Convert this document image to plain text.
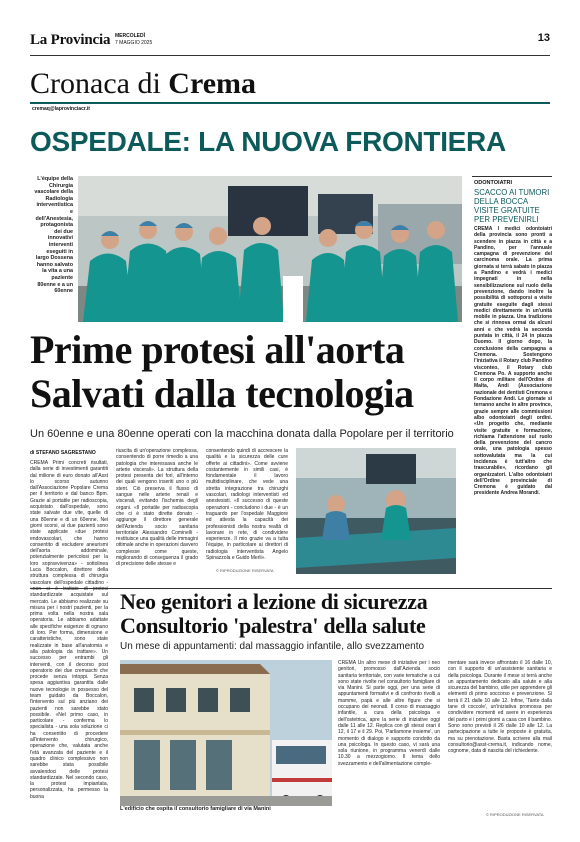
La Provincia MERCOLEDÌ
7 MAGGIO 2025	13
Cronaca di Crema
cremaq@laprovinciacr.it
OSPEDALE: LA NUOVA FRONTIERA
L'équipe della Chirurgia vascolare della Radiologia interventistica e dell'Anestesia, protagonista dei due innovativi interventi eseguiti in largo Dossena hanno salvato la vita a una paziente 80enne e a un 60enne
Prime protesi all'aorta
Salvati dalla tecnologia
Un 60enne e una 80enne operati con la macchina donata dalla Popolare per il territorio
di STEFANO SAGRESTANO
CREMA Primi concreti risultati, dalla serie di investimenti garantiti dal milione di euro donato all'Asst lo scorso autunno dall'Associazione Popolare Crema per il territorio e dal banco Bpm. Grazie al portatile per radioscopia, acquistato dall'ospedale, sono state salvate due vite, quelle di una 80enne e di un 60enne. Nei giorni scorsi, ai due pazienti sono state applicate «due protesi endovascolari, che hanno consentito di escludere aneurismi dell'aorta addominale, potenzialmente pericolosi per la loro sopravvivenza» - sottolinea Luca Boccalon, direttore della struttura complessa di chirurgia vascolare dell'ospedale cittadino - standardizzate acquistate sul mercato. Le abbiamo realizzate su misura per i nostri pazienti, per la prima volta nella nostra sala operatoria. Le abbiamo adattate alle specifiche esigenze di ognuno di loro. Per forma, dimensione e caratteristiche, sono state realizzate in base all'anatomia e alla patologia da trattare». Un successo per entrambi gli interventi, con il decorso post operatorio dei due cremaschi che procede senza intoppi. Senza spesa aggiuntiva garantita dalle nuove tecnologie in possesso del team guidato da Boccalon, l'intervento sul più anziano dei pazienti non sarebbe stato possibile. «Nel primo caso, in particolare - conferma lo specialista - una sola soluzione ci ha consentito di procedere all'intervento chirurgico, operazione che, valutata anche l'età avanzata del paziente e il quadro clinico complessivo non sarebbe stata possibile avvalendoci delle protesi standardizzate. Nel secondo caso, la protesi impiantata, personalizzata, ha permesso la buona
riuscita di un'operazione complessa, consentendo di porre rimedio a una patologia che interessava anche le arterie viscerali». La struttura della protesi presenta dei fori, all'interno dei quali vengono inseriti uno o più stent. Ciò preserva il flusso di sangue nelle arterie renali e viscerali, evitando l'ischemia degli organi. «Il portatile per radioscopia che ci è stato dirette donato - aggiunge il direttore generale dell'Azienda socio sanitaria territoriale Alessandro Cominelli - restituisce una qualità delle immagini ottimale anche in operazioni davvero complesse come queste, migliorando di conseguenza il grado di precisione delle stesse e
consentendo quindi di accrescere la qualità e la sicurezza delle cure offerte ai cittadini». Come avviene costantemente in simili casi, è fondamentale il lavoro multidisciplinare, che vede una stretta integrazione tra chirurghi vascolari, radiologi interventisti ed anestesisti. «Il successo di queste operazioni - concludono i due - è un traguardo per l'ospedale Maggiore ed attesta la capacità dei professionisti della nostra realtà di lavorare in rete, di condividere esperienze. Il mio grazie va a tutta l'équipe, in particolare ai direttori di radiologia interventista Angelo Spinazzola e Guido Merli».
© RIPRODUZIONE RISERVATA
ODONTOIATRI
SCACCO AI TUMORI DELLA BOCCA VISITE GRATUITE PER PREVENIRLI
CREMA I medici odontoiatri della provincia sono pronti a scendere in piazza in città e a Pandino, per l'annuale campagna di prevenzione del carcinoma orale. La prima giornata si terrà sabato in piazza a Pandino e vedrà i medici impegnati in nella sensibilizzazione sul ruolo della prevenzione, dando inoltre la possibilità di sottoporsi a visite gratuite eseguite dagli stessi medici direttamente in un'unità mobile in piazza. Una tradizione che si rinnova ormai da alcuni anni e che vedrà la seconda puntata in città, il 24 in piazza Duomo. Il giorno dopo, la conclusione della campagna a Cremona. Sostengono l'iniziativa il Rotary club Pandino visconteo, il Rotary club Cremona Po. A supporto anche il corpo militare dell'Ordine di Malta, Andi (Associazione nazionale dei dentisti Cremona e Fondazione Andi. Le giornate si terranno anche in altre province, grazie sempre alle commissioni albo odontoiatri degli ordini. «Un progetto che, mediante visite gratuite e formazione, richiama l'attenzione sul ruolo della prevenzione del cancro orale, una patologia spesso sottovalutata ma la cui incidenza è tutt'altro che trascurabile», ricordano gli organizzatori. L'albo odontoiatri dell'Ordine provinciale di Cremona è guidato dal presidente Andrea Morandi.
Neo genitori a lezione di sicurezza
Consultorio 'palestra' della salute
Un mese di appuntamenti: dal massaggio infantile, allo svezzamento
L'edificio che ospita il consultorio famigliare di via Manini
CREMA Un altro mese di iniziative per i neo genitori, promosso dall'Azienda socio sanitaria territoriale, con varie tematiche a cui sono state rivolte nel consultorio famigliare di via Manini. Si parte oggi, per una serie di appuntamenti formativi e di confronto rivolti a mamme, papà e alle altre figure che si occupano dei neonati. Il corso di massaggio infantile, a cura della psicologa e dell'ostetrica, apre la serie di iniziative oggi dalle 11 alle 12. Replica con gli stessi orari il 12, il 17 e il 29. Poi, 'Parliamone insieme', un momento di dialogo e supporto condotto da una psicologa. In questo caso, vi sarà una sola riunione, in programma venerdì dalle 10.30 a mezzogiorno. Il tema dello svezzamento e dell'alimentazione comple-
mentare sarà invece affrontato il 16 dalle 10, con il supporto di un'assistente sanitaria e della psicologa. Durante il mese si terrà anche un appuntamento dedicato alla salute e alla sicurezza del bambino, utile per apprendere gli elementi di primo soccorso e prevenzione. Si terrà il 21 dalle 10 alle 12. Infine, 'Tante dalla tane di coccole', un'iniziativa promossa per condividere momenti ed avere in esperienza del parto e i primi giorni a casa con il bambino. Sono sono previsti il 26 dalle 10 alle 12. La partecipazione a tutte le proposte è gratuita, ma su prenotazione. Basta scrivere alla mail consultorio@asst-crema.it, indicando nome, cognome, data di nascita del richiedente.
© RIPRODUZIONE RISERVATA
